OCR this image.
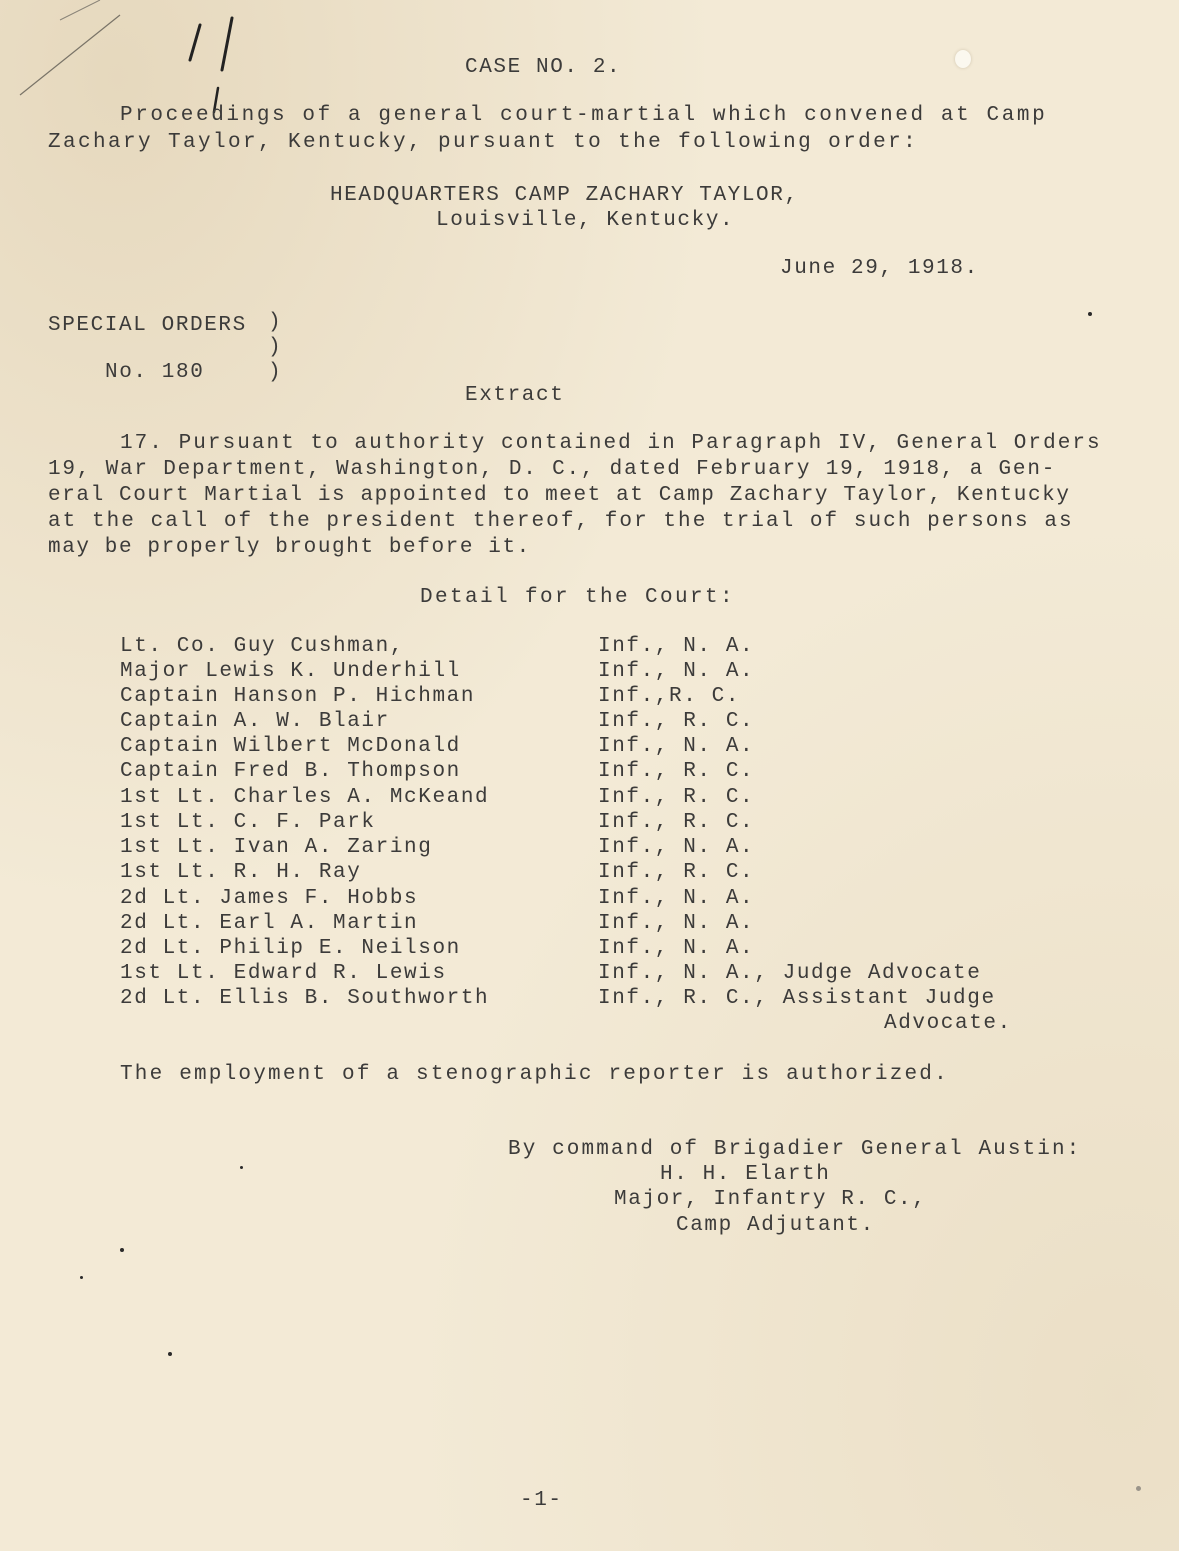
CASE NO. 2.
Proceedings of a general court-martial which convened at Camp
Zachary Taylor, Kentucky, pursuant to the following order:
HEADQUARTERS CAMP ZACHARY TAYLOR,
Louisville, Kentucky.
June 29, 1918.
SPECIAL ORDERS )
)
No. 180	)
Extract
17. Pursuant to authority contained in Paragraph IV, General Orders
19, War Department, Washington, D. C., dated February 19, 1918, a Gen-
eral Court Martial is appointed to meet at Camp Zachary Taylor, Kentucky
at the call of the president thereof, for the trial of such persons as
may be properly brought before it.
Detail for the Court:
Lt. Co. Guy Cushman,	Inf., N. A.
Major Lewis K. Underhill	Inf., N. A.
Captain Hanson P. Hichman	Inf.,R. C.
Captain A. W. Blair	Inf., R. C.
Captain Wilbert McDonald	Inf., N. A.
Captain Fred B. Thompson	Inf., R. C.
1st Lt. Charles A. McKeand	Inf., R. C.
1st Lt. C. F. Park	Inf., R. C.
1st Lt. Ivan A. Zaring	Inf., N. A.
1st Lt. R. H. Ray	Inf., R. C.
2d Lt. James F. Hobbs	Inf., N. A.
2d Lt. Earl A. Martin	Inf., N. A.
2d Lt. Philip E. Neilson	Inf., N. A.
1st Lt. Edward R. Lewis	Inf., N. A., Judge Advocate
2d Lt. Ellis B. Southworth	Inf., R. C., Assistant Judge
Advocate.
The employment of a stenographic reporter is authorized.
By command of Brigadier General Austin:
H. H. Elarth
Major, Infantry R. C.,
Camp Adjutant.
-1-
